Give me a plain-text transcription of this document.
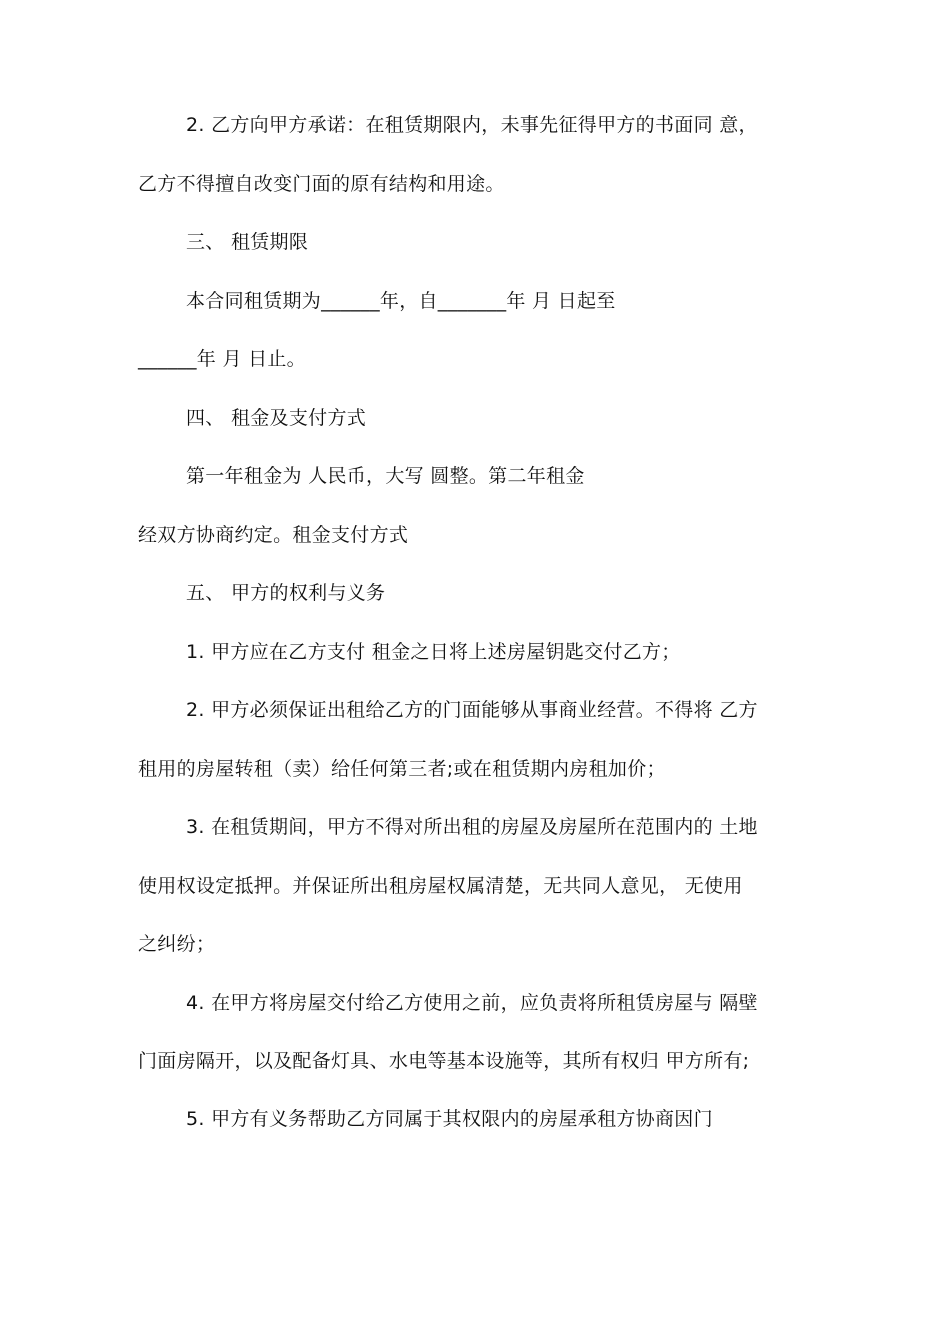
2. 乙方向甲方承诺：在租赁期限内，未事先征得甲方的书面同 意，
乙方不得擅自改变门面的原有结构和用途。
三、 租赁期限
本合同租赁期为______年，自_______年 月 日起至
______年 月 日止。
四、 租金及支付方式
第一年租金为 人民币，大写 圆整。第二年租金
经双方协商约定。租金支付方式
五、 甲方的权利与义务
1. 甲方应在乙方支付 租金之日将上述房屋钥匙交付乙方；
2. 甲方必须保证出租给乙方的门面能够从事商业经营。不得将 乙方
租用的房屋转租（卖）给任何第三者;或在租赁期内房租加价；
3. 在租赁期间，甲方不得对所出租的房屋及房屋所在范围内的 土地
使用权设定抵押。并保证所出租房屋权属清楚，无共同人意见， 无使用
之纠纷；
4. 在甲方将房屋交付给乙方使用之前，应负责将所租赁房屋与 隔壁
门面房隔开，以及配备灯具、水电等基本设施等，其所有权归 甲方所有;
5. 甲方有义务帮助乙方同属于其权限内的房屋承租方协商因门
